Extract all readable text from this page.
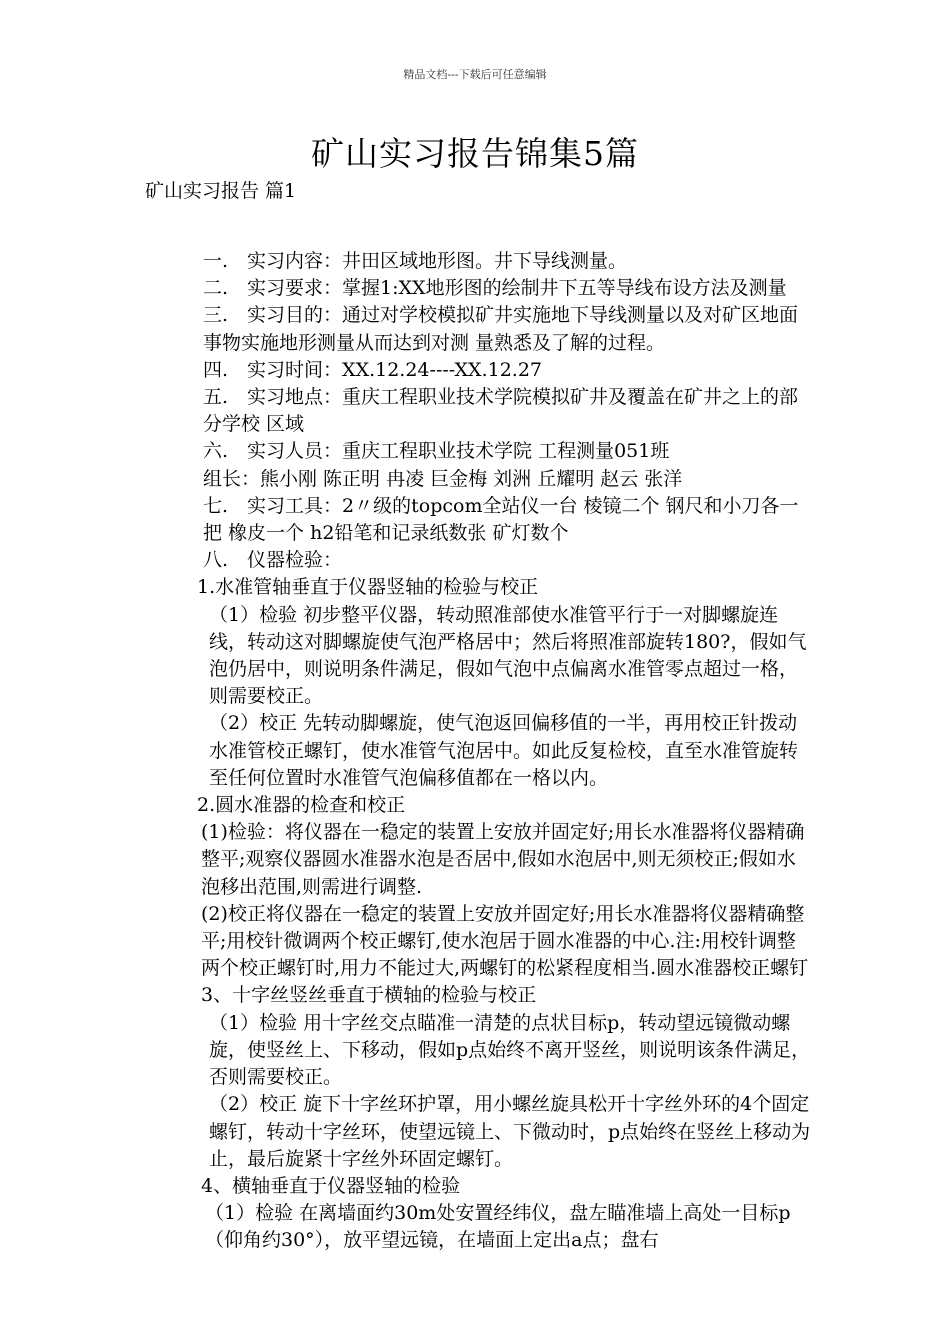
精品文档---下载后可任意编辑
矿山实习报告锦集5篇
矿山实习报告 篇1

一.　实习内容：井田区域地形图。井下导线测量。

二.　实习要求：掌握1:XX地形图的绘制井下五等导线布设方法及测量

三.　实习目的：通过对学校模拟矿井实施地下导线测量以及对矿区地面事物实施地形测量从而达到对测 量熟悉及了解的过程。

四.　实习时间：XX.12.24----XX.12.27

五.　实习地点：重庆工程职业技术学院模拟矿井及覆盖在矿井之上的部分学校 区域

六.　实习人员：重庆工程职业技术学院 工程测量051班

组长：熊小刚 陈正明 冉凌 巨金梅 刘洲 丘耀明 赵云 张洋

七.　实习工具：2〃级的topcom全站仪一台 棱镜二个 钢尺和小刀各一把 橡皮一个 h2铅笔和记录纸数张 矿灯数个

八.　仪器检验：

1.水准管轴垂直于仪器竖轴的检验与校正

（1）检验 初步整平仪器，转动照准部使水准管平行于一对脚螺旋连线，转动这对脚螺旋使气泡严格居中；然后将照准部旋转180?，假如气泡仍居中，则说明条件满足，假如气泡中点偏离水准管零点超过一格，则需要校正。

（2）校正 先转动脚螺旋，使气泡返回偏移值的一半，再用校正针拨动水准管校正螺钉，使水准管气泡居中。如此反复检校，直至水准管旋转至任何位置时水准管气泡偏移值都在一格以内。

2.圆水准器的检查和校正

(1)检验：将仪器在一稳定的装置上安放并固定好;用长水准器将仪器精确整平;观察仪器圆水准器水泡是否居中,假如水泡居中,则无须校正;假如水泡移出范围,则需进行调整.

(2)校正将仪器在一稳定的装置上安放并固定好;用长水准器将仪器精确整平;用校针微调两个校正螺钉,使水泡居于圆水准器的中心.注:用校针调整两个校正螺钉时,用力不能过大,两螺钉的松紧程度相当.圆水准器校正螺钉

3、十字丝竖丝垂直于横轴的检验与校正

（1）检验 用十字丝交点瞄准一清楚的点状目标p，转动望远镜微动螺旋，使竖丝上、下移动，假如p点始终不离开竖丝，则说明该条件满足，否则需要校正。

（2）校正 旋下十字丝环护罩，用小螺丝旋具松开十字丝外环的4个固定螺钉，转动十字丝环，使望远镜上、下微动时，p点始终在竖丝上移动为止，最后旋紧十字丝外环固定螺钉。

4、横轴垂直于仪器竖轴的检验

（1）检验 在离墙面约30m处安置经纬仪，盘左瞄准墙上高处一目标p（仰角约30°），放平望远镜，在墙面上定出a点；盘右
